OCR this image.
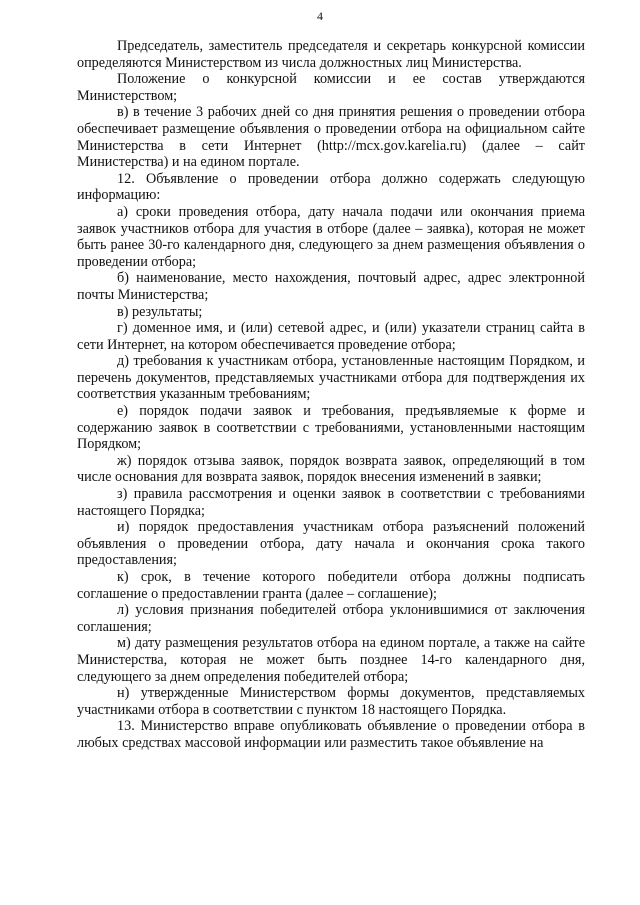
4

Председатель, заместитель председателя и секретарь конкурсной комиссии определяются Министерством из числа должностных лиц Министерства.

Положение о конкурсной комиссии и ее состав утверждаются Министерством;

в) в течение 3 рабочих дней со дня принятия решения о проведении отбора обеспечивает размещение объявления о проведении отбора на официальном сайте Министерства в сети Интернет (http://mcx.gov.karelia.ru) (далее – сайт Министерства) и на едином портале.

12. Объявление о проведении отбора должно содержать следующую информацию:

а) сроки проведения отбора, дату начала подачи или окончания приема заявок участников отбора для участия в отборе (далее – заявка), которая не может быть ранее 30-го календарного дня, следующего за днем размещения объявления о проведении отбора;

б) наименование, место нахождения, почтовый адрес, адрес электронной почты Министерства;

в) результаты;

г) доменное имя, и (или) сетевой адрес, и (или) указатели страниц сайта в сети Интернет, на котором обеспечивается проведение отбора;

д) требования к участникам отбора, установленные настоящим Порядком, и перечень документов, представляемых участниками отбора для подтверждения их соответствия указанным требованиям;

е) порядок подачи заявок и требования, предъявляемые к форме и содержанию заявок в соответствии с требованиями, установленными настоящим Порядком;

ж) порядок отзыва заявок, порядок возврата заявок, определяющий в том числе основания для возврата заявок, порядок внесения изменений в заявки;

з) правила рассмотрения и оценки заявок в соответствии с требованиями настоящего Порядка;

и) порядок предоставления участникам отбора разъяснений положений объявления о проведении отбора, дату начала и окончания срока такого предоставления;

к) срок, в течение которого победители отбора должны подписать соглашение о предоставлении гранта (далее – соглашение);

л) условия признания победителей отбора уклонившимися от заключения соглашения;

м) дату размещения результатов отбора на едином портале, а также на сайте Министерства, которая не может быть позднее 14-го календарного дня, следующего за днем определения победителей отбора;

н) утвержденные Министерством формы документов, представляемых участниками отбора в соответствии с пунктом 18 настоящего Порядка.

13. Министерство вправе опубликовать объявление о проведении отбора в любых средствах массовой информации или разместить такое объявление на
